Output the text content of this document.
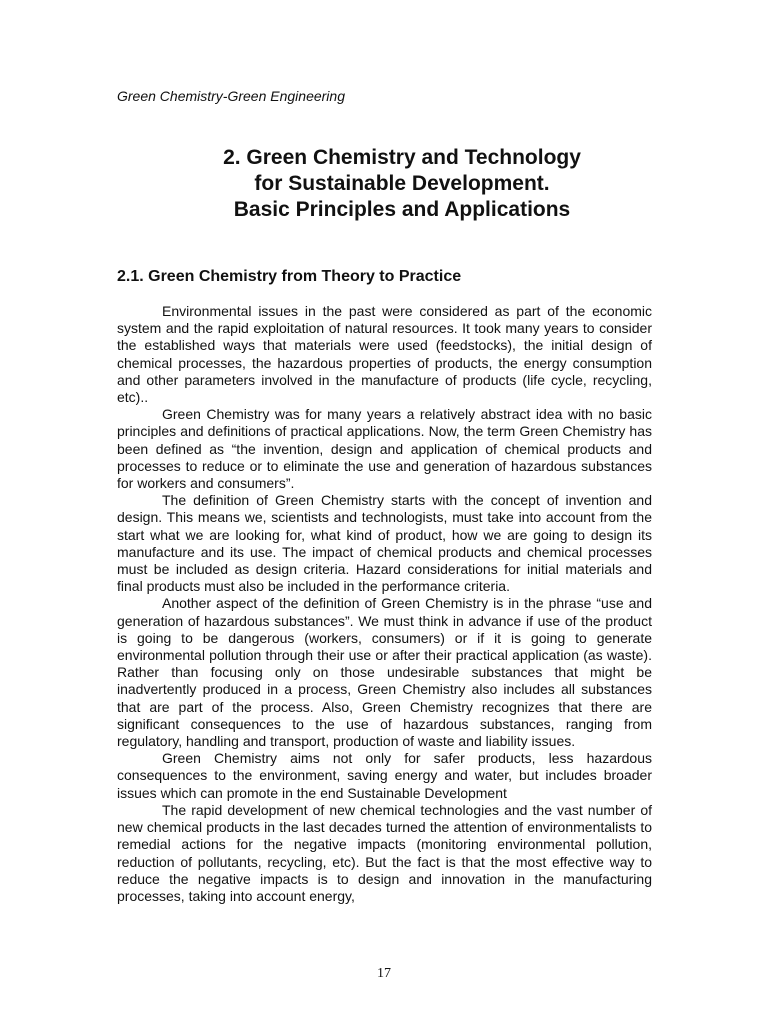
Green Chemistry-Green Engineering
2. Green Chemistry and Technology
for Sustainable Development.
Basic Principles and Applications
2.1. Green Chemistry from Theory to Practice

Environmental issues in the past were considered as part of the economic system and the rapid exploitation of natural resources. It took many years to consider the established ways that materials were used (feedstocks), the initial design of chemical processes, the hazardous properties of products, the energy consumption and other parameters involved in the manufacture of products (life cycle, recycling, etc)..

Green Chemistry was for many years a relatively abstract idea with no basic principles and definitions of practical applications. Now, the term Green Chemistry has been defined as “the invention, design and application of chemical products and processes to reduce or to eliminate the use and generation of hazardous substances for workers and consumers”.

The definition of Green Chemistry starts with the concept of invention and design. This means we, scientists and technologists, must take into account from the start what we are looking for, what kind of product, how we are going to design its manufacture and its use. The impact of chemical products and chemical processes must be included as design criteria. Hazard considerations for initial materials and final products must also be included in the performance criteria.

Another aspect of the definition of Green Chemistry is in the phrase “use and generation of hazardous substances”. We must think in advance if use of the product is going to be dangerous (workers, consumers) or if it is going to generate environmental pollution through their use or after their practical application (as waste). Rather than focusing only on those undesirable substances that might be inadvertently produced in a process, Green Chemistry also includes all substances that are part of the process. Also, Green Chemistry recognizes that there are significant consequences to the use of hazardous substances, ranging from regulatory, handling and transport, production of waste and liability issues.

Green Chemistry aims not only for safer products, less hazardous consequences to the environment, saving energy and water, but includes broader issues which can promote in the end Sustainable Development

The rapid development of new chemical technologies and the vast number of new chemical products in the last decades turned the attention of environmentalists to remedial actions for the negative impacts (monitoring environmental pollution, reduction of pollutants, recycling, etc). But the fact is that the most effective way to reduce the negative impacts is to design and innovation in the manufacturing processes, taking into account energy,

17
